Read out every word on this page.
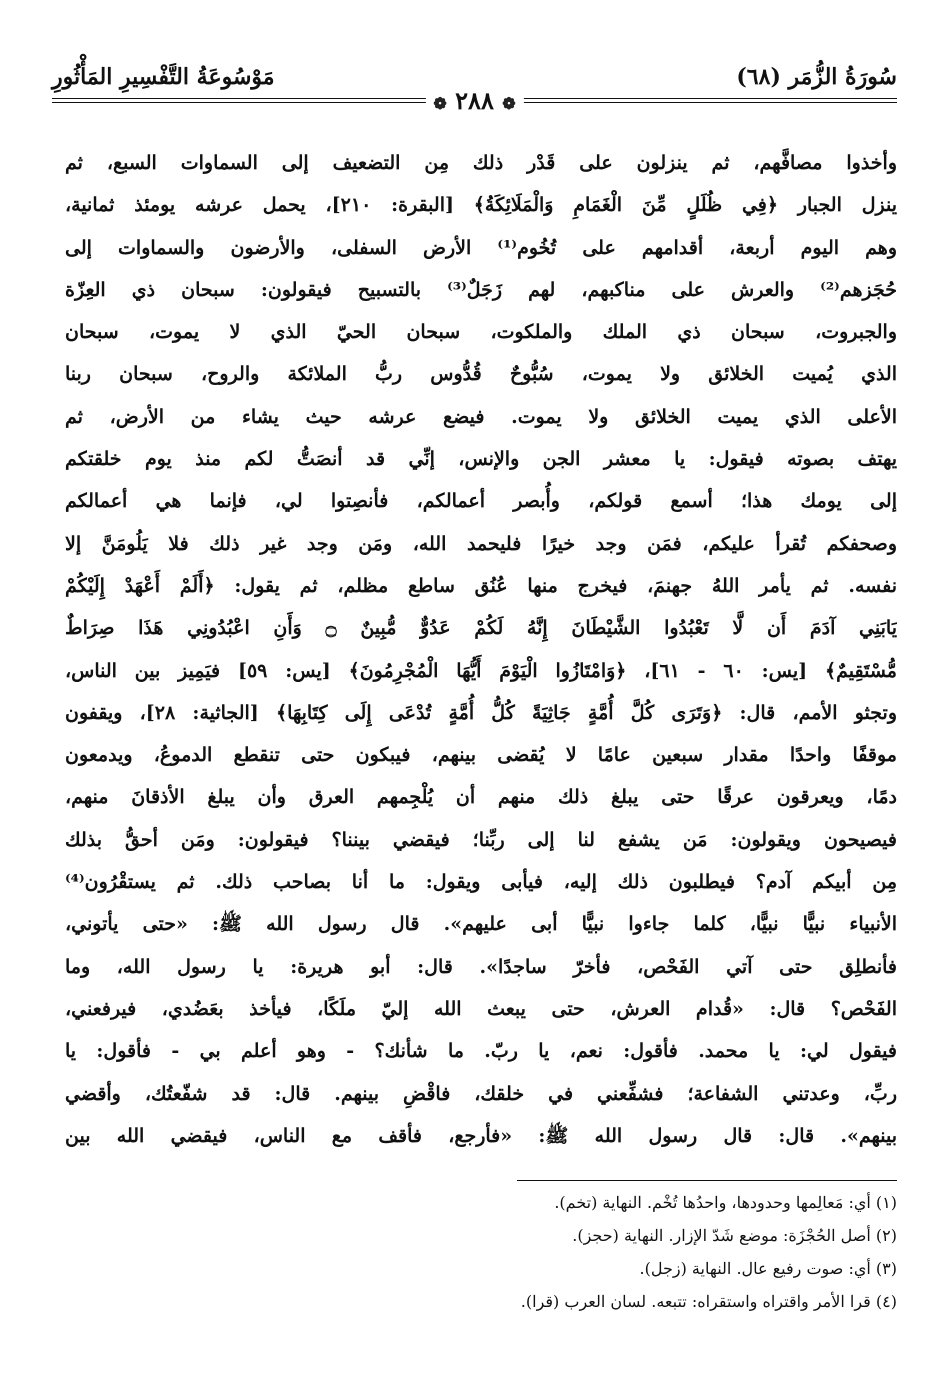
سُورَةُ الزُّمَر (٦٨)
مَوْسُوعَةُ التَّفْسِيرِ المَأْثُورِ
❁ ٢٨٨ ❁
وأخذوا مصافَّهم، ثم ينزلون على قَدْر ذلك مِن التضعيف إلى السماوات السبع، ثم
ينزل الجبار ﴿فِي ظُلَلٍ مِّنَ الْغَمَامِ وَالْمَلَائِكَةُ﴾ [البقرة: ٢١٠]، يحمل عرشه يومئذ ثمانية،
وهم اليوم أربعة، أقدامهم على تُخُوم⁽¹⁾ الأرض السفلى، والأرضون والسماوات إلى
حُجَزهم⁽²⁾ والعرش على مناكبهم، لهم زَجَلٌ⁽³⁾ بالتسبيح فيقولون: سبحان ذي العِزّة
والجبروت، سبحان ذي الملك والملكوت، سبحان الحيّ الذي لا يموت، سبحان
الذي يُميت الخلائق ولا يموت، سُبُّوحٌ قُدُّوس ربُّ الملائكة والروح، سبحان ربنا
الأعلى الذي يميت الخلائق ولا يموت. فيضع عرشه حيث يشاء من الأرض، ثم
يهتف بصوته فيقول: يا معشر الجن والإنس، إنِّي قد أنصَتُّ لكم منذ يوم خلقتكم
إلى يومك هذا؛ أسمع قولكم، وأُبصر أعمالكم، فأنصِتوا لي، فإنما هي أعمالكم
وصحفكم تُقرأ عليكم، فمَن وجد خيرًا فليحمد الله، ومَن وجد غير ذلك فلا يَلُومَنَّ إلا
نفسه. ثم يأمر اللهُ جهنمَ، فيخرج منها عُنُق ساطع مظلم، ثم يقول: ﴿أَلَمْ أَعْهَدْ إِلَيْكُمْ
يَابَنِي آدَمَ أَن لَّا تَعْبُدُوا الشَّيْطَانَ إِنَّهُ لَكُمْ عَدُوٌّ مُّبِينٌ ۝ وَأَنِ اعْبُدُونِي هَذَا صِرَاطٌ
مُّسْتَقِيمٌ﴾ [يس: ٦٠ - ٦١]، ﴿وَامْتَازُوا الْيَوْمَ أَيُّهَا الْمُجْرِمُونَ﴾ [يس: ٥٩] فيَمِيز بين الناس،
وتجثو الأمم، قال: ﴿وَتَرَى كُلَّ أُمَّةٍ جَاثِيَةً كُلُّ أُمَّةٍ تُدْعَى إِلَى كِتَابِهَا﴾ [الجاثية: ٢٨]، ويقفون
موقفًا واحدًا مقدار سبعين عامًا لا يُقضى بينهم، فيبكون حتى تنقطع الدموعُ، ويدمعون
دمًا، ويعرقون عرقًا حتى يبلغ ذلك منهم أن يُلْجِمهم العرق وأن يبلغ الأذقانَ منهم،
فيصيحون ويقولون: مَن يشفع لنا إلى ربِّنا؛ فيقضي بيننا؟ فيقولون: ومَن أحقُّ بذلك
مِن أبيكم آدم؟ فيطلبون ذلك إليه، فيأبى ويقول: ما أنا بصاحب ذلك. ثم يستقْرُون⁽⁴⁾
الأنبياء نبيًّا نبيًّا، كلما جاءوا نبيًّا أبى عليهم». قال رسول الله ﷺ: «حتى يأتوني،
فأنطلِق حتى آتي الفَحْص، فأخرّ ساجدًا». قال: أبو هريرة: يا رسول الله، وما
الفَحْص؟ قال: «قُدام العرش، حتى يبعث الله إليّ ملَكًا، فيأخذ بعَضُدي، فيرفعني،
فيقول لي: يا محمد. فأقول: نعم، يا ربّ. ما شأنك؟ - وهو أعلم بي - فأقول: يا
ربِّ، وعدتني الشفاعة؛ فشفِّعني في خلقك، فاقْضِ بينهم. قال: قد شفّعتُك، وأقضي
بينهم». قال: قال رسول الله ﷺ: «فأرجع، فأقف مع الناس، فيقضي الله بين
(١) أي: مَعالِمها وحدودها، واحدُها تُخْم. النهاية (تخم).
(٢) أصل الحُجْزَة: موضع شَدّ الإزار. النهاية (حجز).
(٣) أي: صوت رفيع عال. النهاية (زجل).
(٤) قرا الأمر واقتراه واستقراه: تتبعه. لسان العرب (قرا).
